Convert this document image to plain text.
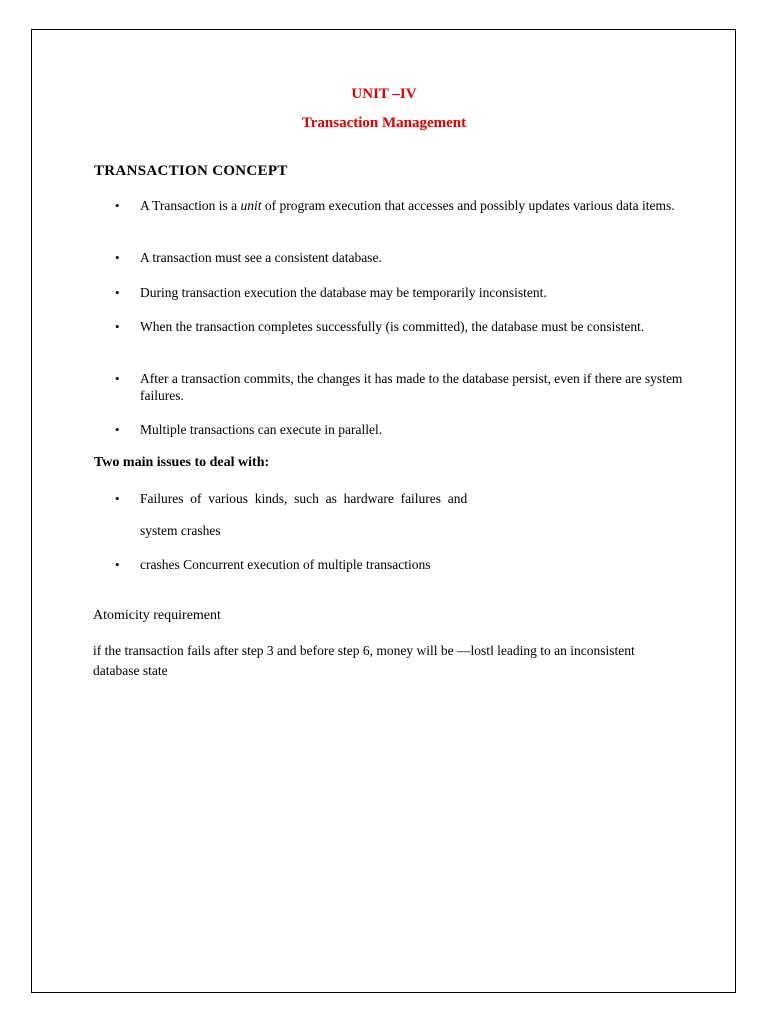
UNIT –IV
Transaction Management
TRANSACTION CONCEPT
• A Transaction is a unit of program execution that accesses and possibly updates various data items.
• A transaction must see a consistent database.
• During transaction execution the database may be temporarily inconsistent.
• When the transaction completes successfully (is committed), the database must be consistent.
• After a transaction commits, the changes it has made to the database persist, even if there are system failures.
• Multiple transactions can execute in parallel.
Two main issues to deal with:
• Failures  of  various  kinds,  such  as  hardware  failures  and
system crashes
• crashes Concurrent execution of multiple transactions
Atomicity requirement
if the transaction fails after step 3 and before step 6, money will be ―lost‖ leading to an inconsistent database state
